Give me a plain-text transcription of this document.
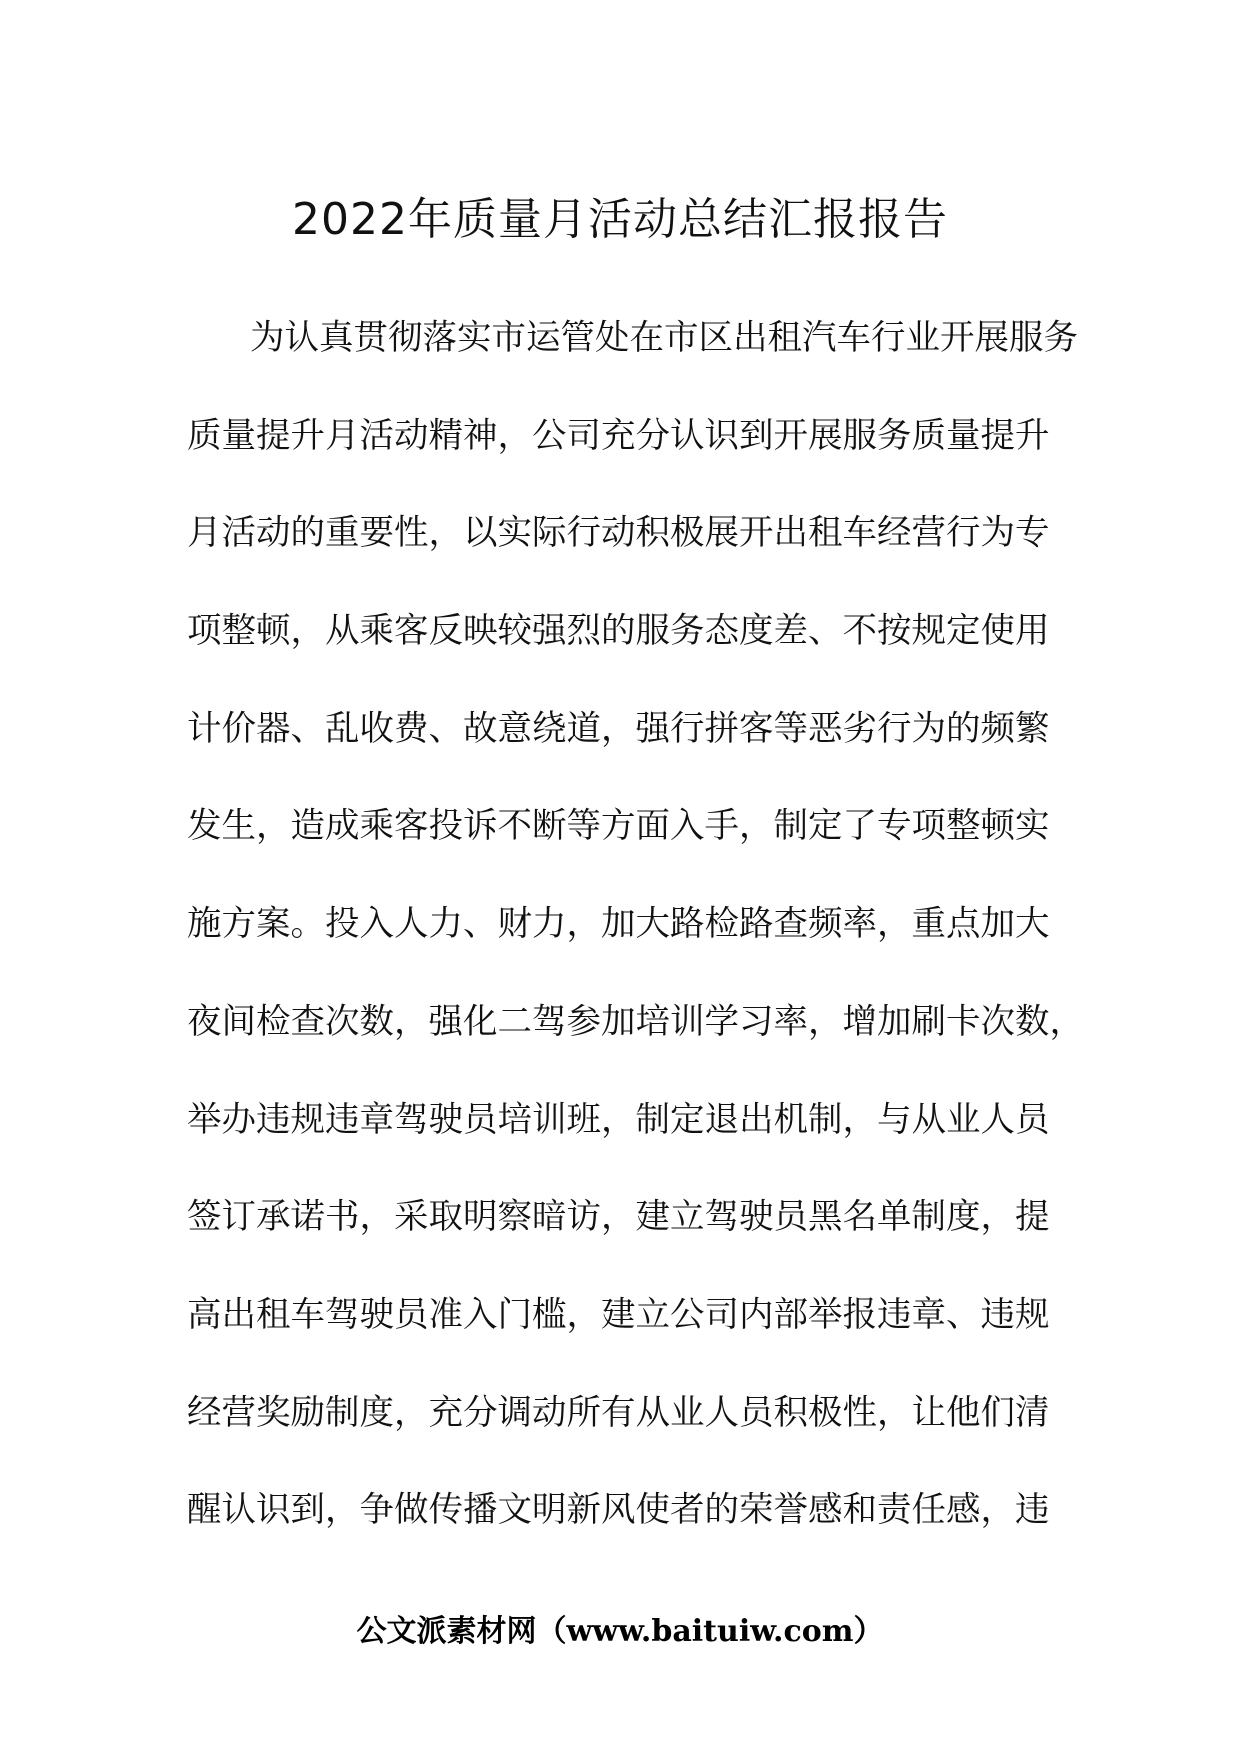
2022年质量月活动总结汇报报告
为认真贯彻落实市运管处在市区出租汽车行业开展服务
质量提升月活动精神，公司充分认识到开展服务质量提升
月活动的重要性，以实际行动积极展开出租车经营行为专
项整顿，从乘客反映较强烈的服务态度差、不按规定使用
计价器、乱收费、故意绕道，强行拼客等恶劣行为的频繁
发生，造成乘客投诉不断等方面入手，制定了专项整顿实
施方案。投入人力、财力，加大路检路查频率，重点加大
夜间检查次数，强化二驾参加培训学习率，增加刷卡次数，
举办违规违章驾驶员培训班，制定退出机制，与从业人员
签订承诺书，采取明察暗访，建立驾驶员黑名单制度，提
高出租车驾驶员准入门槛，建立公司内部举报违章、违规
经营奖励制度，充分调动所有从业人员积极性，让他们清
醒认识到，争做传播文明新风使者的荣誉感和责任感，违
公文派素材网（www.baituiw.com）
